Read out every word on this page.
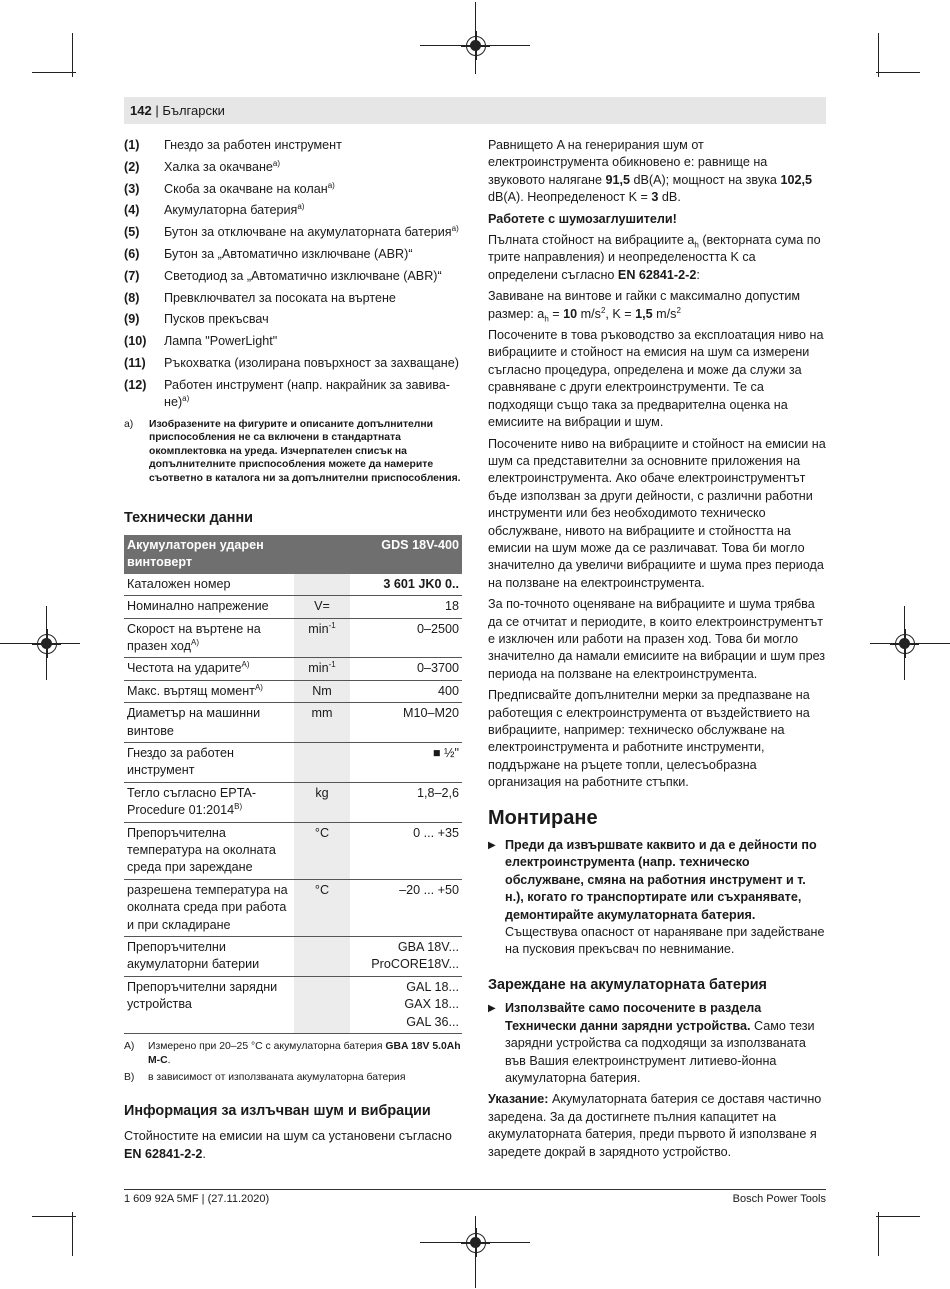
142 | Български
(1)	Гнездо за работен инструмент
(2)	Халка за окачване$^{a)}$
(3)	Скоба за окачване на колан$^{a)}$
(4)	Акумулаторна батерия$^{a)}$
(5)	Бутон за отключване на акумулаторната батерия$^{a)}$
(6)	Бутон за „Автоматично изключване (ABR)“
(7)	Светодиод за „Автоматично изключване (ABR)“
(8)	Превключвател за посоката на въртене
(9)	Пусков прекъсвач
(10)	Лампа "PowerLight"
(11)	Ръкохватка (изолирана повърхност за захващане)
(12)	Работен инструмент (напр. накрайник за завива-не)$^{a)}$
a)	Изобразените на фигурите и описаните допълнителни приспособления не са включени в стандартната окомплектовка на уреда. Изчерпателен списък на допълнителните приспособления можете да намерите съответно в каталога ни за допълнителни приспособления.
Технически данни
Акумулаторен ударен винтоверт		GDS 18V-400
Каталожен номер		3 601 JK0 0..
Номинално напрежение	V=	18
Скорост на въртене на празен ход$^{A)}$	$\min^{-1}$	0–2500
Честота на ударите$^{A)}$	$\min^{-1}$	0–3700
Макс. въртящ момент$^{A)}$	Nm	400
Диаметър на машинни винтове	mm	M10–M20
Гнездо за работен инструмент		■ ½"
Тегло съгласно EPTA-Procedure $01:2014^{B)}$	kg	1,8–2,6
Препоръчителна температура на околната среда при зареждане	°C	0 ... +35
разрешена температура на околната среда при работа и при складиране	°C	–20 ... +50
Препоръчителни акумулаторни батерии		GBA 18V...
ProCORE18V...
Препоръчителни зарядни устройства		GAL 18...
GAX 18...
GAL 36...
A)	Измерено при 20–25 °C с акумулаторна батерия GBA 18V 5.0Ah M-C.
B)	в зависимост от използваната акумулаторна батерия
Информация за излъчван шум и вибрации

Стойностите на емисии на шум са установени съгласно EN 62841-2-2.

Равнището A на генерирания шум от електроинструмента обикновено е: равнище на звуковото налягане 91,5 dB(A); мощност на звука 102,5 dB(A). Неопределеност K = 3 dB.

Работете с шумозаглушители!

Пълната стойност на вибрациите $a_h$ (векторната сума по трите направления) и неопределеността K са определени съгласно EN 62841-2-2:

Завиване на винтове и гайки с максимално допустим размер: $a_h = 10$ $m/s^2$, K = 1,5 $m/s^2$

Посочените в това ръководство за експлоатация ниво на вибрациите и стойност на емисия на шум са измерени съгласно процедура, определена и може да служи за сравняване с други електроинструменти. Те са подходящи също така за предварителна оценка на емисиите на вибрации и шум.

Посочените ниво на вибрациите и стойност на емисии на шум са представителни за основните приложения на електроинструмента. Ако обаче електроинструментът бъде използван за други дейности, с различни работни инструменти или без необходимото техническо обслужване, нивото на вибрациите и стойността на емисии на шум може да се различават. Това би могло значително да увеличи вибрациите и шума през периода на ползване на електроинструмента.

За по-точното оценяване на вибрациите и шума трябва да се отчитат и периодите, в които електроинструментът е изключен или работи на празен ход. Това би могло значително да намали емисиите на вибрации и шум през периода на ползване на електроинструмента.

Предписвайте допълнителни мерки за предпазване на работещия с електроинструмента от въздействието на вибрациите, например: техническо обслужване на електроинструмента и работните инструменти, поддържане на ръцете топли, целесъобразна организация на работните стъпки.

Монтиране
▶ Преди да извършвате каквито и да е дейности по електроинструмента (напр. техническо обслужване, смяна на работния инструмент и т. н.), когато го транспортирате или съхранявате, демонтирайте акумулаторната батерия. Съществува опасност от нараняване при задействане на пусковия прекъсвач по невнимание.
Зареждане на акумулаторната батерия
▶ Използвайте само посочените в раздела Технически данни зарядни устройства. Само тези зарядни устройства са подходящи за използваната във Вашия електроинструмент литиево-йонна акумулаторна батерия.

Указание: Акумулаторната батерия се доставя частично заредена. За да достигнете пълния капацитет на акумулаторната батерия, преди първото й използване я заредете докрай в зарядното устройство.

1 609 92A 5MF | (27.11.2020)	Bosch Power Tools
